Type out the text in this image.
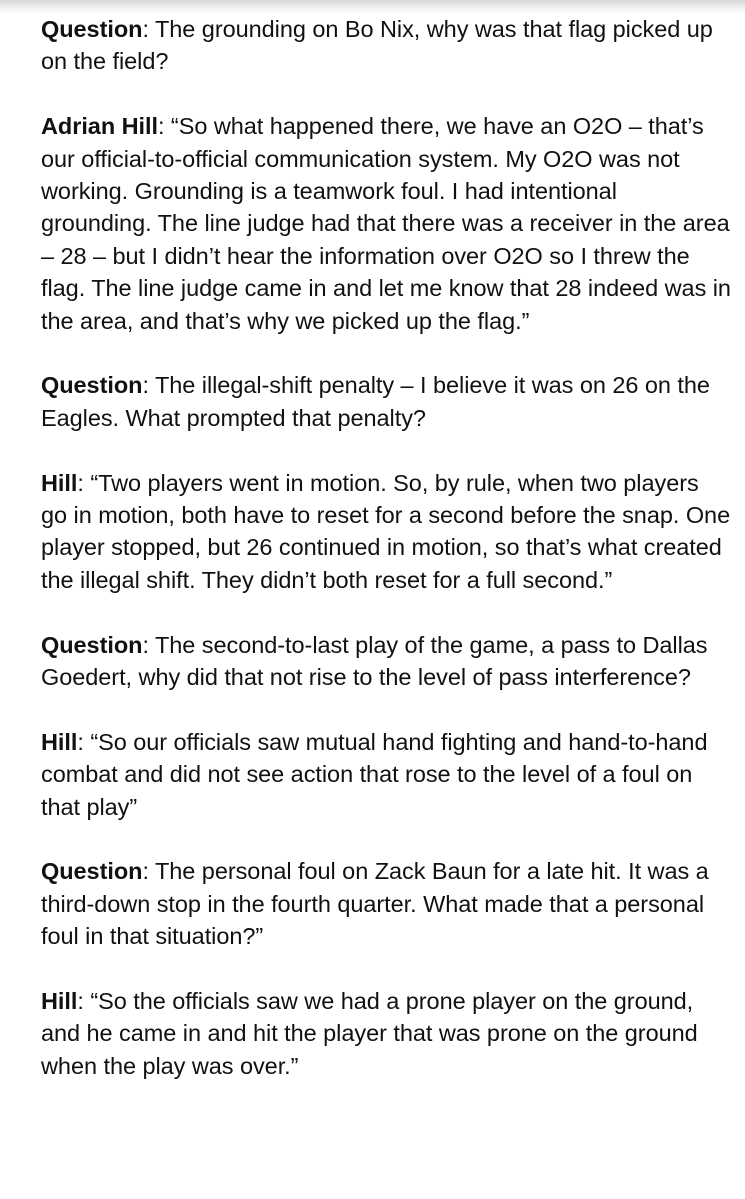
Question: The grounding on Bo Nix, why was that flag picked up on the field?

Adrian Hill: “So what happened there, we have an O2O – that’s our official-to-official communication system. My O2O was not working. Grounding is a teamwork foul. I had intentional grounding. The line judge had that there was a receiver in the area – 28 – but I didn’t hear the information over O2O so I threw the flag. The line judge came in and let me know that 28 indeed was in the area, and that’s why we picked up the flag.”

Question: The illegal-shift penalty – I believe it was on 26 on the Eagles. What prompted that penalty?

Hill: “Two players went in motion. So, by rule, when two players go in motion, both have to reset for a second before the snap. One player stopped, but 26 continued in motion, so that’s what created the illegal shift. They didn’t both reset for a full second.”

Question: The second-to-last play of the game, a pass to Dallas Goedert, why did that not rise to the level of pass interference?

Hill: “So our officials saw mutual hand fighting and hand-to-hand combat and did not see action that rose to the level of a foul on that play”

Question: The personal foul on Zack Baun for a late hit. It was a third-down stop in the fourth quarter. What made that a personal foul in that situation?”

Hill: “So the officials saw we had a prone player on the ground, and he came in and hit the player that was prone on the ground when the play was over.”
